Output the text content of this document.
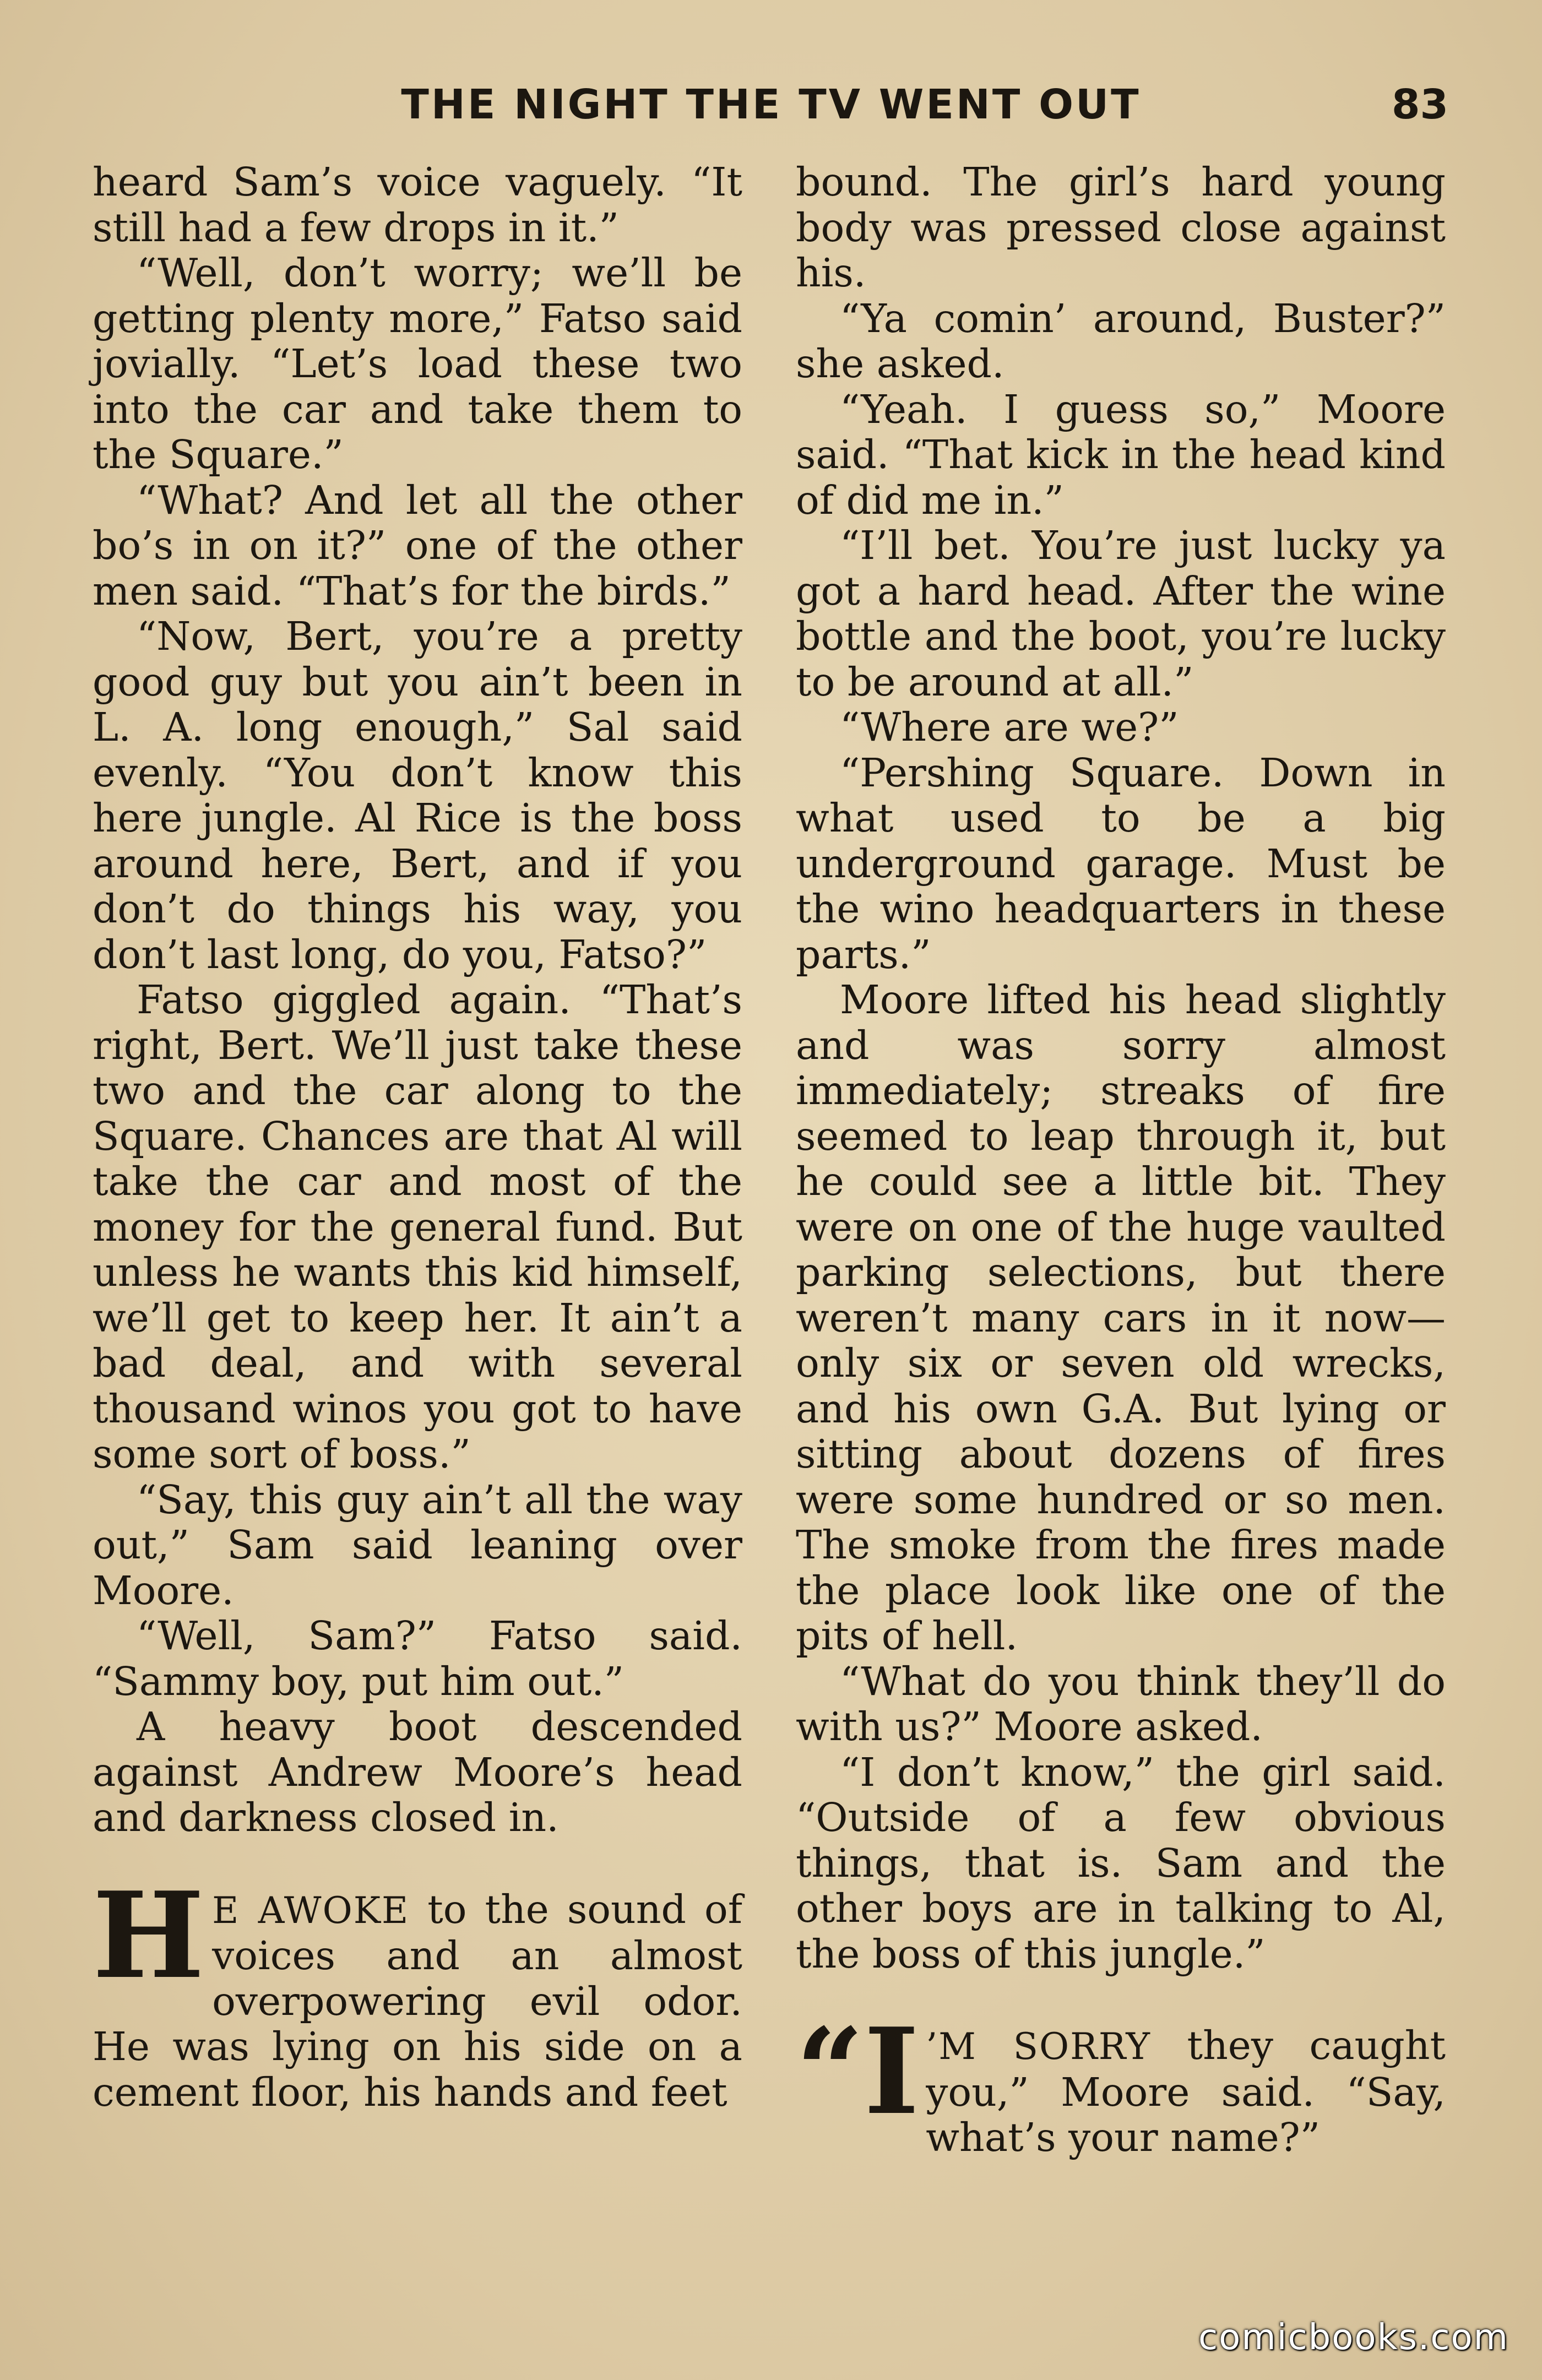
THE NIGHT THE TV WENT OUT	83

heard Sam’s voice vaguely. “It still had a few drops in it.”

“Well, don’t worry; we’ll be getting plenty more,” Fatso said jovially. “Let’s load these two into the car and take them to the Square.”

“What? And let all the other bo’s in on it?” one of the other men said. “That’s for the birds.”

“Now, Bert, you’re a pretty good guy but you ain’t been in L. A. long enough,” Sal said evenly. “You don’t know this here jungle. Al Rice is the boss around here, Bert, and if you don’t do things his way, you don’t last long, do you, Fatso?”

Fatso giggled again. “That’s right, Bert. We’ll just take these two and the car along to the Square. Chances are that Al will take the car and most of the money for the general fund. But unless he wants this kid himself, we’ll get to keep her. It ain’t a bad deal, and with several thousand winos you got to have some sort of boss.”

“Say, this guy ain’t all the way out,” Sam said leaning over Moore.

“Well, Sam?” Fatso said. “Sammy boy, put him out.”

A heavy boot descended against Andrew Moore’s head and darkness closed in.

H E AWOKE to the sound of voices and an almost overpowering evil odor. He was lying on his side on a cement floor, his hands and feet

bound. The girl’s hard young body was pressed close against his.

“Ya comin’ around, Buster?” she asked.

“Yeah. I guess so,” Moore said. “That kick in the head kind of did me in.”

“I’ll bet. You’re just lucky ya got a hard head. After the wine bottle and the boot, you’re lucky to be around at all.”

“Where are we?”

“Pershing Square. Down in what used to be a big underground garage. Must be the wino headquarters in these parts.”

Moore lifted his head slightly and was sorry almost immediately; streaks of fire seemed to leap through it, but he could see a little bit. They were on one of the huge vaulted parking selections, but there weren’t many cars in it now—only six or seven old wrecks, and his own G.A. But lying or sitting about dozens of fires were some hundred or so men. The smoke from the fires made the place look like one of the pits of hell.

“What do you think they’ll do with us?” Moore asked.

“I don’t know,” the girl said. “Outside of a few obvious things, that is. Sam and the other boys are in talking to Al, the boss of this jungle.”

“I ’M SORRY they caught you,” Moore said. “Say, what’s your name?”

comicbooks.com
